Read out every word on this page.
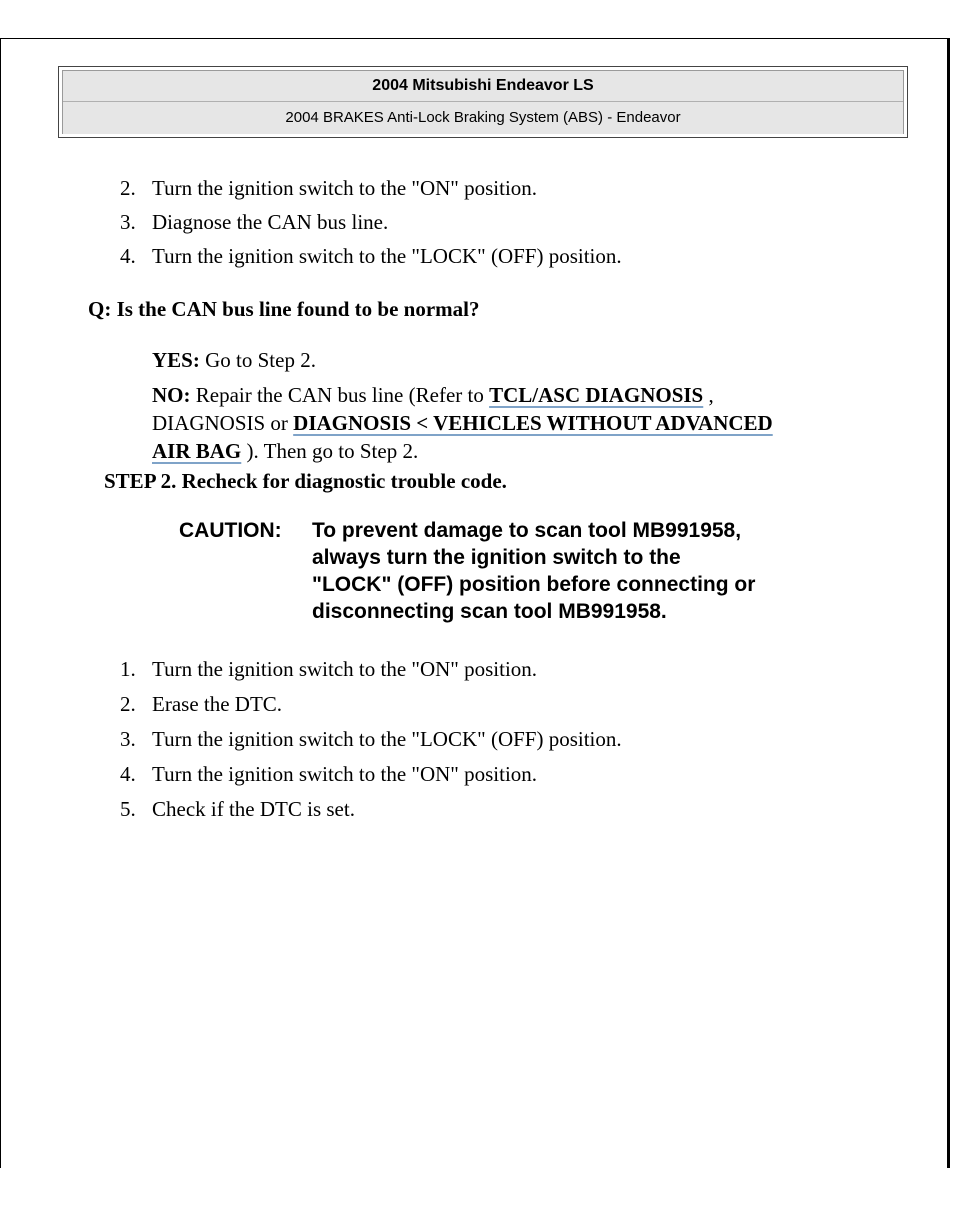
2004 Mitsubishi Endeavor LS
2004 BRAKES Anti-Lock Braking System (ABS) - Endeavor
2. Turn the ignition switch to the "ON" position.
3. Diagnose the CAN bus line.
4. Turn the ignition switch to the "LOCK" (OFF) position.
Q: Is the CAN bus line found to be normal?
YES: Go to Step 2.
NO: Repair the CAN bus line (Refer to TCL/ASC DIAGNOSIS ,
DIAGNOSIS or DIAGNOSIS < VEHICLES WITHOUT ADVANCED
AIR BAG ). Then go to Step 2.
STEP 2. Recheck for diagnostic trouble code.
CAUTION: To prevent damage to scan tool MB991958,
always turn the ignition switch to the
"LOCK" (OFF) position before connecting or
disconnecting scan tool MB991958.
1. Turn the ignition switch to the "ON" position.
2. Erase the DTC.
3. Turn the ignition switch to the "LOCK" (OFF) position.
4. Turn the ignition switch to the "ON" position.
5. Check if the DTC is set.
